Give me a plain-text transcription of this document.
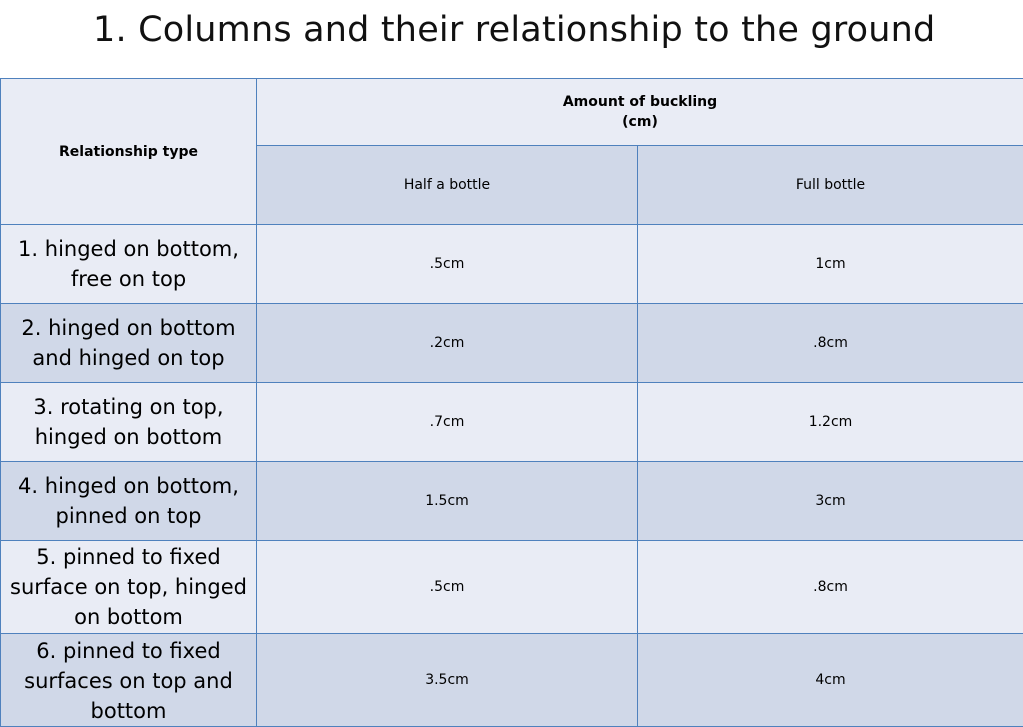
1. Columns and their relationship to the ground
Relationship type	Amount of buckling
(cm)	

	Half a bottle	Full bottle
1. hinged on bottom, free on top	.5cm	1cm
2. hinged on bottom and hinged on top	.2cm	.8cm
3. rotating on top, hinged on bottom	.7cm	1.2cm
4. hinged on bottom, pinned on top	1.5cm	3cm
5. pinned to fixed surface on top, hinged on bottom	.5cm	.8cm
6. pinned to fixed surfaces on top and bottom	3.5cm	4cm
